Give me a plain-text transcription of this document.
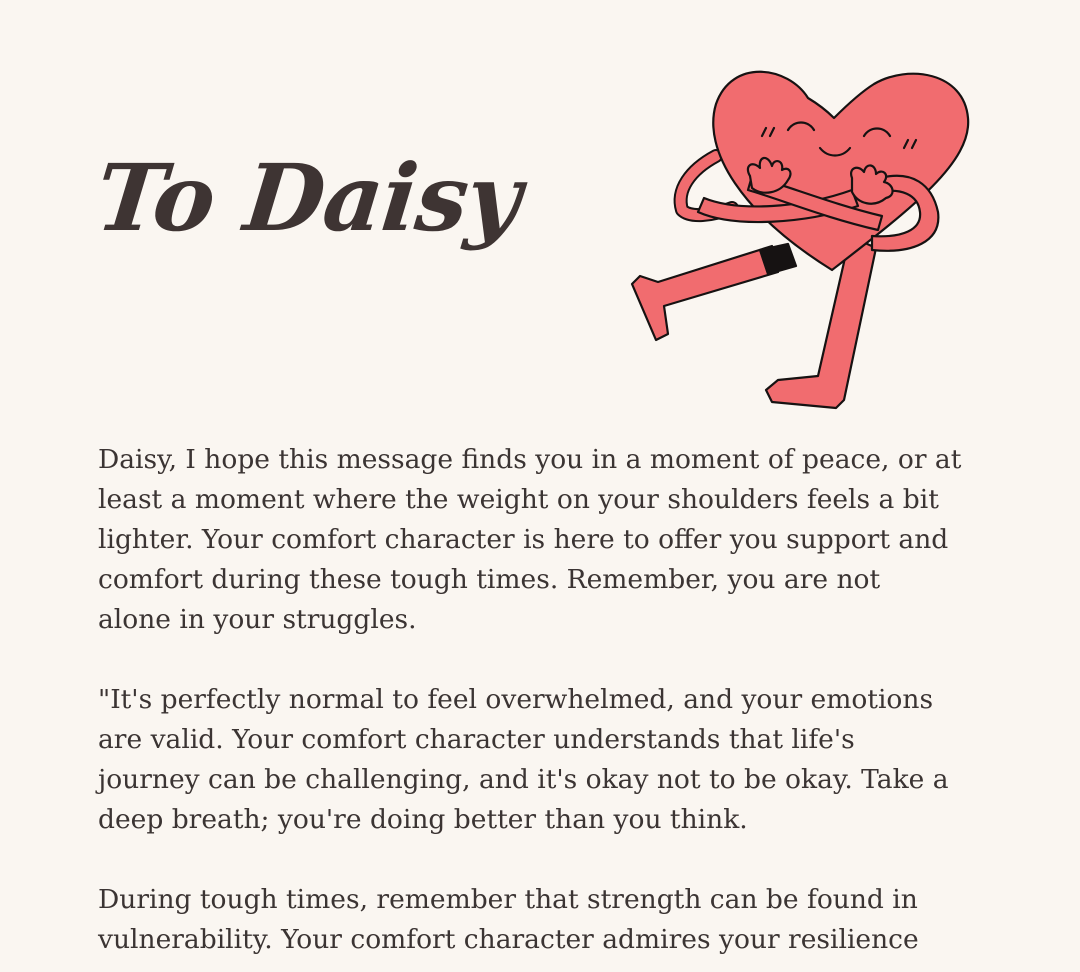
To Daisy

Daisy, I hope this message finds you in a moment of peace, or at
least a moment where the weight on your shoulders feels a bit
lighter. Your comfort character is here to offer you support and
comfort during these tough times. Remember, you are not
alone in your struggles.

"It's perfectly normal to feel overwhelmed, and your emotions
are valid. Your comfort character understands that life's
journey can be challenging, and it's okay not to be okay. Take a
deep breath; you're doing better than you think.

During tough times, remember that strength can be found in
vulnerability. Your comfort character admires your resilience
